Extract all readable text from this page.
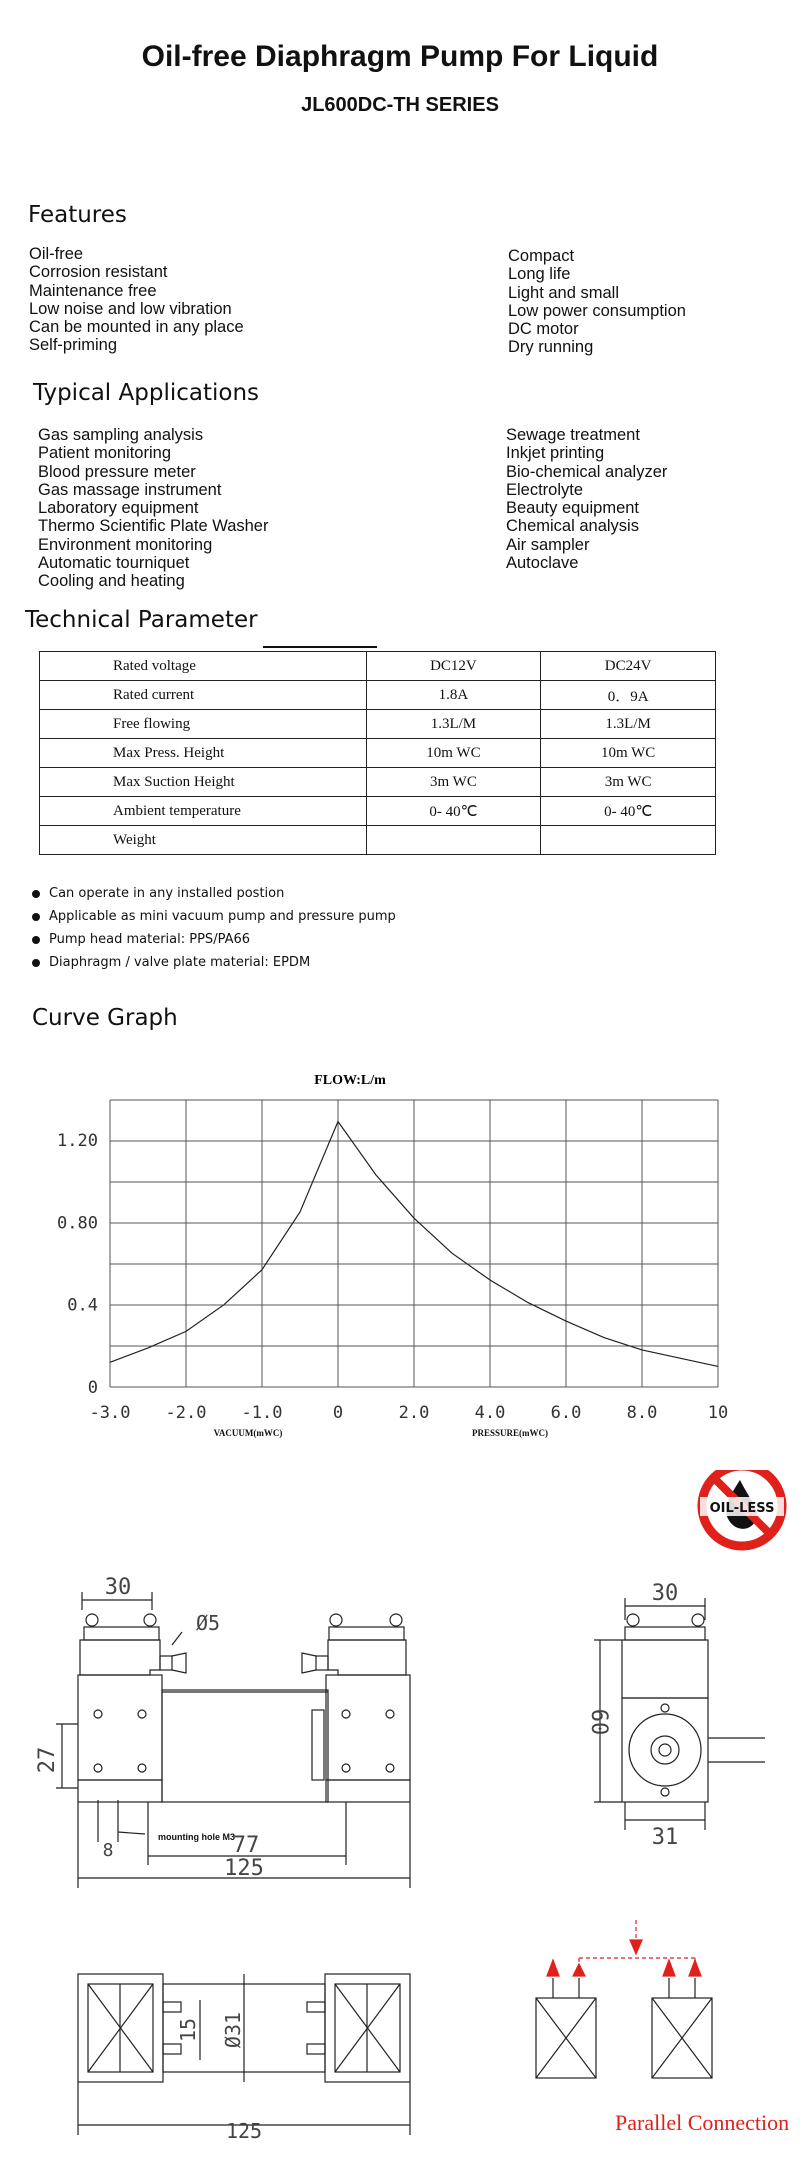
Oil-free Diaphragm Pump For Liquid
JL600DC-TH SERIES
Features
Oil-free
Corrosion resistant
Maintenance free
Low noise and low vibration
Can be mounted in any place
Self-priming
Compact
Long life
Light and small
Low power consumption
DC motor
Dry running
Typical Applications
Gas sampling analysis
Patient monitoring
Blood pressure meter
Gas massage instrument
Laboratory equipment
Thermo Scientific Plate Washer
Environment monitoring
Automatic tourniquet
Cooling and heating
Sewage treatment
Inkjet printing
Bio-chemical analyzer
Electrolyte
Beauty equipment
Chemical analysis
Air sampler
Autoclave
Technical Parameter
Rated voltage	DC12V	DC24V
Rated current	1.8A	0．9A
Free flowing	1.3L/M	1.3L/M
Max Press. Height	10m WC	10m WC
Max Suction Height	3m WC	3m WC
Ambient temperature	0- 40℃	0- 40℃
Weight		
Can operate in any installed postion
Applicable as mini vacuum pump and pressure pump
Pump head material: PPS/PA66
Diaphragm / valve plate material: EPDM
Curve Graph
0
0.4
0.80
1.20
-3.0 -2.0 -1.0	0	2.0	4.0	6.0	8.0	10
FLOW:L/m
VACUUM(mWC)	PRESSURE(mWC)
OIL-LESS
30
Ø5
27
8	77
125
mounting hole M3
30
60
31
15 Ø31
125	Parallel Connection
